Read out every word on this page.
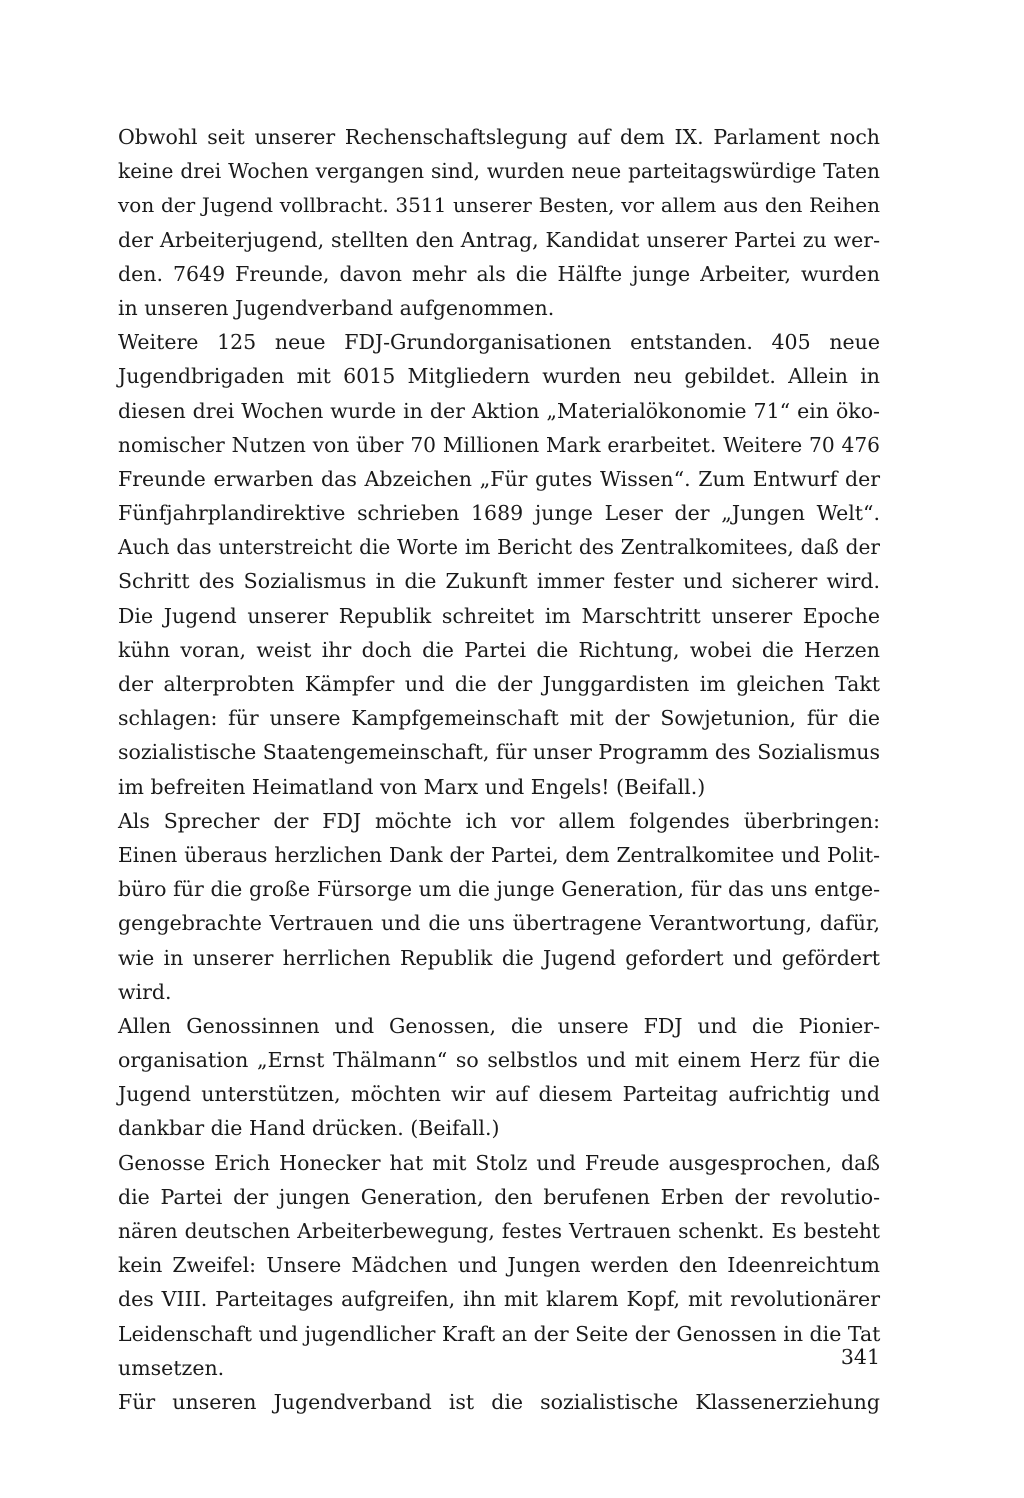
Obwohl seit unserer Rechenschaftslegung auf dem IX. Parlament noch
keine drei Wochen vergangen sind, wurden neue parteitagswürdige Taten
von der Jugend vollbracht. 3511 unserer Besten, vor allem aus den Reihen
der Arbeiterjugend, stellten den Antrag, Kandidat unserer Partei zu wer-
den. 7649 Freunde, davon mehr als die Hälfte junge Arbeiter, wurden
in unseren Jugendverband aufgenommen.
Weitere 125 neue FDJ-Grundorganisationen entstanden. 405 neue
Jugendbrigaden mit 6015 Mitgliedern wurden neu gebildet. Allein in
diesen drei Wochen wurde in der Aktion „Materialökonomie 71“ ein öko-
nomischer Nutzen von über 70 Millionen Mark erarbeitet. Weitere 70 476
Freunde erwarben das Abzeichen „Für gutes Wissen“. Zum Entwurf der
Fünfjahrplandirektive schrieben 1689 junge Leser der „Jungen Welt“.
Auch das unterstreicht die Worte im Bericht des Zentralkomitees, daß der
Schritt des Sozialismus in die Zukunft immer fester und sicherer wird.
Die Jugend unserer Republik schreitet im Marschtritt unserer Epoche
kühn voran, weist ihr doch die Partei die Richtung, wobei die Herzen
der alterprobten Kämpfer und die der Junggardisten im gleichen Takt
schlagen: für unsere Kampfgemeinschaft mit der Sowjetunion, für die
sozialistische Staatengemeinschaft, für unser Programm des Sozialismus
im befreiten Heimatland von Marx und Engels! (Beifall.)
Als Sprecher der FDJ möchte ich vor allem folgendes überbringen:
Einen überaus herzlichen Dank der Partei, dem Zentralkomitee und Polit-
büro für die große Fürsorge um die junge Generation, für das uns entge-
gengebrachte Vertrauen und die uns übertragene Verantwortung, dafür,
wie in unserer herrlichen Republik die Jugend gefordert und gefördert
wird.
Allen Genossinnen und Genossen, die unsere FDJ und die Pionier-
organisation „Ernst Thälmann“ so selbstlos und mit einem Herz für die
Jugend unterstützen, möchten wir auf diesem Parteitag aufrichtig und
dankbar die Hand drücken. (Beifall.)
Genosse Erich Honecker hat mit Stolz und Freude ausgesprochen, daß
die Partei der jungen Generation, den berufenen Erben der revolutio-
nären deutschen Arbeiterbewegung, festes Vertrauen schenkt. Es besteht
kein Zweifel: Unsere Mädchen und Jungen werden den Ideenreichtum
des VIII. Parteitages aufgreifen, ihn mit klarem Kopf, mit revolutionärer
Leidenschaft und jugendlicher Kraft an der Seite der Genossen in die Tat
umsetzen.
Für unseren Jugendverband ist die sozialistische Klassenerziehung
341
